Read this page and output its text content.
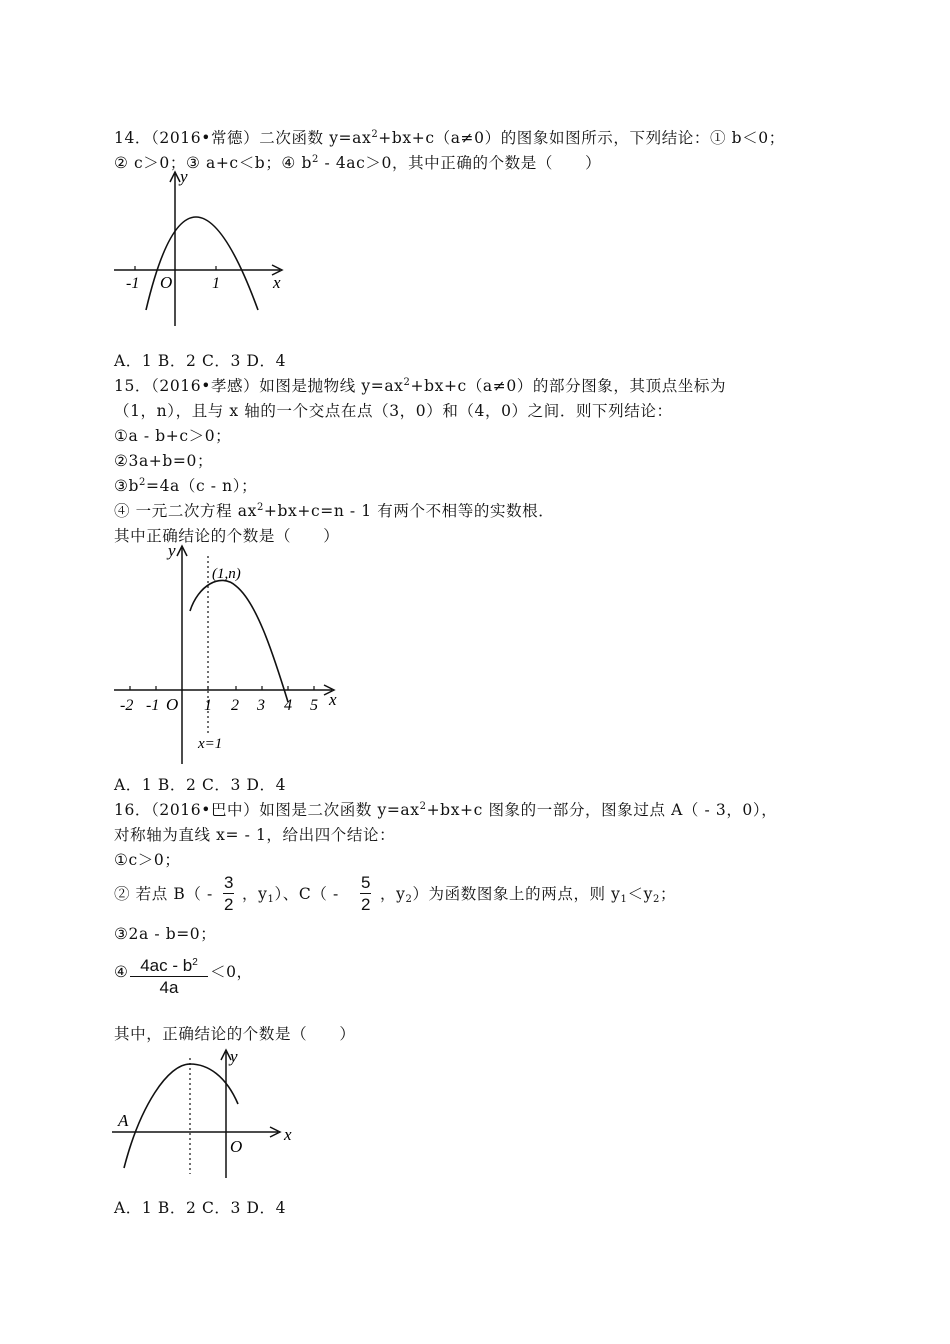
14．（2016•常德）二次函数 $y=ax^2+bx+c(a\ne 0)$的图象如图所示，下列结论：① b＜0；
② c＞0；③ a+c＜b；④ $b^2 - 4ac>0$，其中正确的个数是（　　）
y
x
O
-1	1
A．1 B．2 C．3 D．4
15．（2016•孝感）如图是抛物线 $y=ax^2+bx+c(a\ne 0)$的部分图象，其顶点坐标为
（1，n），且与 x 轴的一个交点在点（3，0）和（4，0）之间．则下列结论：
①a - b+c＞0；
②3a+b=0；
$③b^2=4a(c - n)$；
④ 一元二次方程 $ax^2+bx+c=n - 1$ 有两个不相等的实数根．
其中正确结论的个数是（　　）
y
x
O
(1,n)
x=1
-2 -1	1 2 3 4 5
A．1 B．2 C．3 D．4
16．（2016•巴中）如图是二次函数 $y=ax^2+bx+c$ 图象的一部分，图象过点 A（ - 3，0），
对称轴为直线 x= - 1，给出四个结论：
①c＞0；
② 若点 $B( - \frac{3}{2}$ ，$y_1$）、$C( - \frac{5}{2}$ ，$y_2$）为函数图象上的两点，则 $y_1<y_2$；
③2a - b=0；
④ $\frac{4ac - b^2}{4a} <0$，
其中，正确结论的个数是（　　）
y
x
O
A
A．1 B．2 C．3 D．4
